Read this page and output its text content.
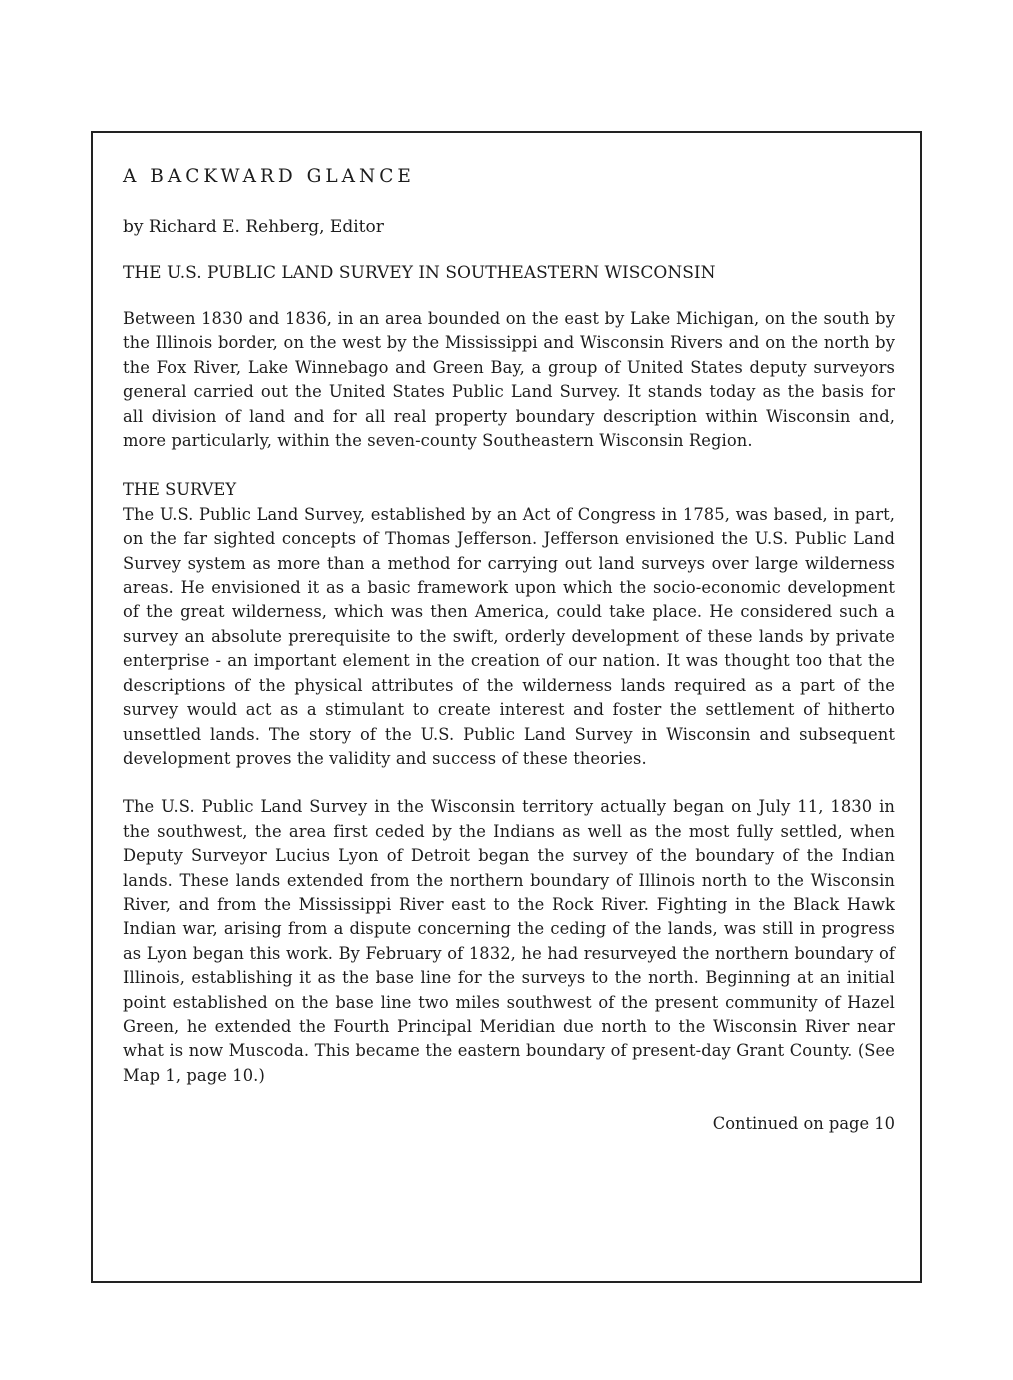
A BACKWARD GLANCE
by Richard E. Rehberg, Editor
THE U.S. PUBLIC LAND SURVEY IN SOUTHEASTERN WISCONSIN

Between 1830 and 1836, in an area bounded on the east by Lake Michigan, on the south by the Illinois border, on the west by the Mississippi and Wisconsin Rivers and on the north by the Fox River, Lake Winnebago and Green Bay, a group of United States deputy surveyors general carried out the United States Public Land Survey. It stands today as the basis for all division of land and for all real property boundary description within Wisconsin and, more particularly, within the seven-county Southeastern Wisconsin Region.

THE SURVEY

The U.S. Public Land Survey, established by an Act of Congress in 1785, was based, in part, on the far sighted concepts of Thomas Jefferson. Jefferson envisioned the U.S. Public Land Survey system as more than a method for carrying out land surveys over large wilderness areas. He envisioned it as a basic framework upon which the socio-economic development of the great wilderness, which was then America, could take place. He considered such a survey an absolute prerequisite to the swift, orderly development of these lands by private enterprise - an important element in the creation of our nation. It was thought too that the descriptions of the physical attributes of the wilderness lands required as a part of the survey would act as a stimulant to create interest and foster the settlement of hitherto unsettled lands. The story of the U.S. Public Land Survey in Wisconsin and subsequent development proves the validity and success of these theories.

The U.S. Public Land Survey in the Wisconsin territory actually began on July 11, 1830 in the southwest, the area first ceded by the Indians as well as the most fully settled, when Deputy Surveyor Lucius Lyon of Detroit began the survey of the boundary of the Indian lands. These lands extended from the northern boundary of Illinois north to the Wisconsin River, and from the Mississippi River east to the Rock River. Fighting in the Black Hawk Indian war, arising from a dispute concerning the ceding of the lands, was still in progress as Lyon began this work. By February of 1832, he had resurveyed the northern boundary of Illinois, establishing it as the base line for the surveys to the north. Beginning at an initial point established on the base line two miles southwest of the present community of Hazel Green, he extended the Fourth Principal Meridian due north to the Wisconsin River near what is now Muscoda. This became the eastern boundary of present-day Grant County. (See Map 1, page 10.)

Continued on page 10
